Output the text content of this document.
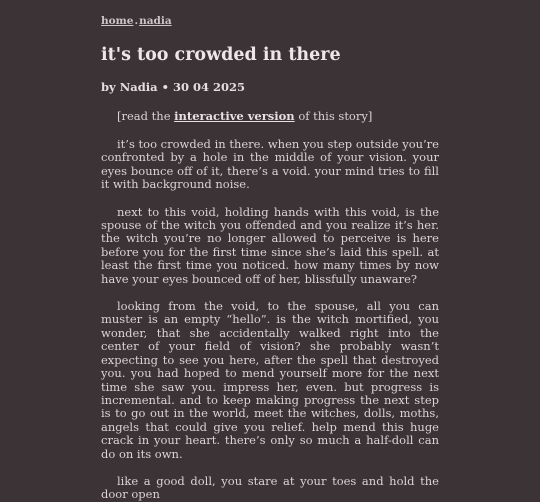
home.nadia
it's too crowded in there
by Nadia • 30 04 2025
[read the interactive version of this story]

it’s too crowded in there. when you step outside you’re confronted by a hole in the middle of your vision. your eyes bounce off of it, there’s a void. your mind tries to fill it with background noise.

next to this void, holding hands with this void, is the spouse of the witch you offended and you realize it’s her. the witch you’re no longer allowed to perceive is here before you for the first time since she’s laid this spell. at least the first time you noticed. how many times by now have your eyes bounced off of her, blissfully unaware?

looking from the void, to the spouse, all you can muster is an empty “hello”. is the witch mortified, you wonder, that she accidentally walked right into the center of your field of vision? she probably wasn’t expecting to see you here, after the spell that destroyed you. you had hoped to mend yourself more for the next time she saw you. impress her, even. but progress is incremental. and to keep making progress the next step is to go out in the world, meet the witches, dolls, moths, angels that could give you relief. help mend this huge crack in your heart. there’s only so much a half-doll can do on its own.

like a good doll, you stare at your toes and hold the door open
